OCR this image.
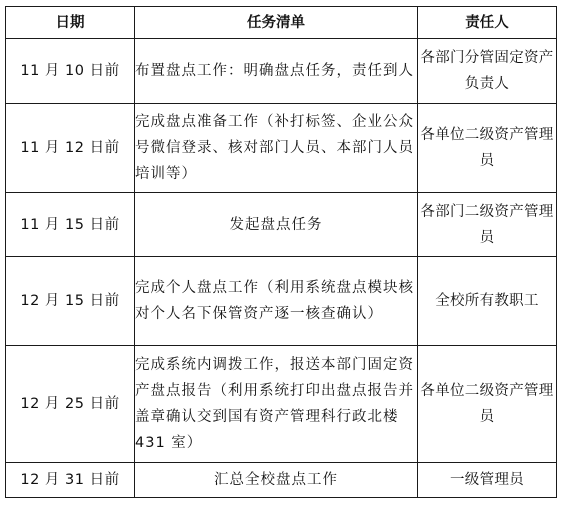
日期	任务清单	责任人
11 月 10 日前	布置盘点工作：明确盘点任务，责任到人	各部门分管固定资产负责人
11 月 12 日前	完成盘点准备工作（补打标签、企业公众号微信登录、核对部门人员、本部门人员培训等）	各单位二级资产管理员
11 月 15 日前	发起盘点任务	各部门二级资产管理员
12 月 15 日前	完成个人盘点工作（利用系统盘点模块核对个人名下保管资产逐一核查确认）	全校所有教职工
12 月 25 日前	完成系统内调拨工作，报送本部门固定资产盘点报告（利用系统打印出盘点报告并盖章确认交到国有资产管理科行政北楼 431 室）	各单位二级资产管理员
12 月 31 日前	汇总全校盘点工作	一级管理员
